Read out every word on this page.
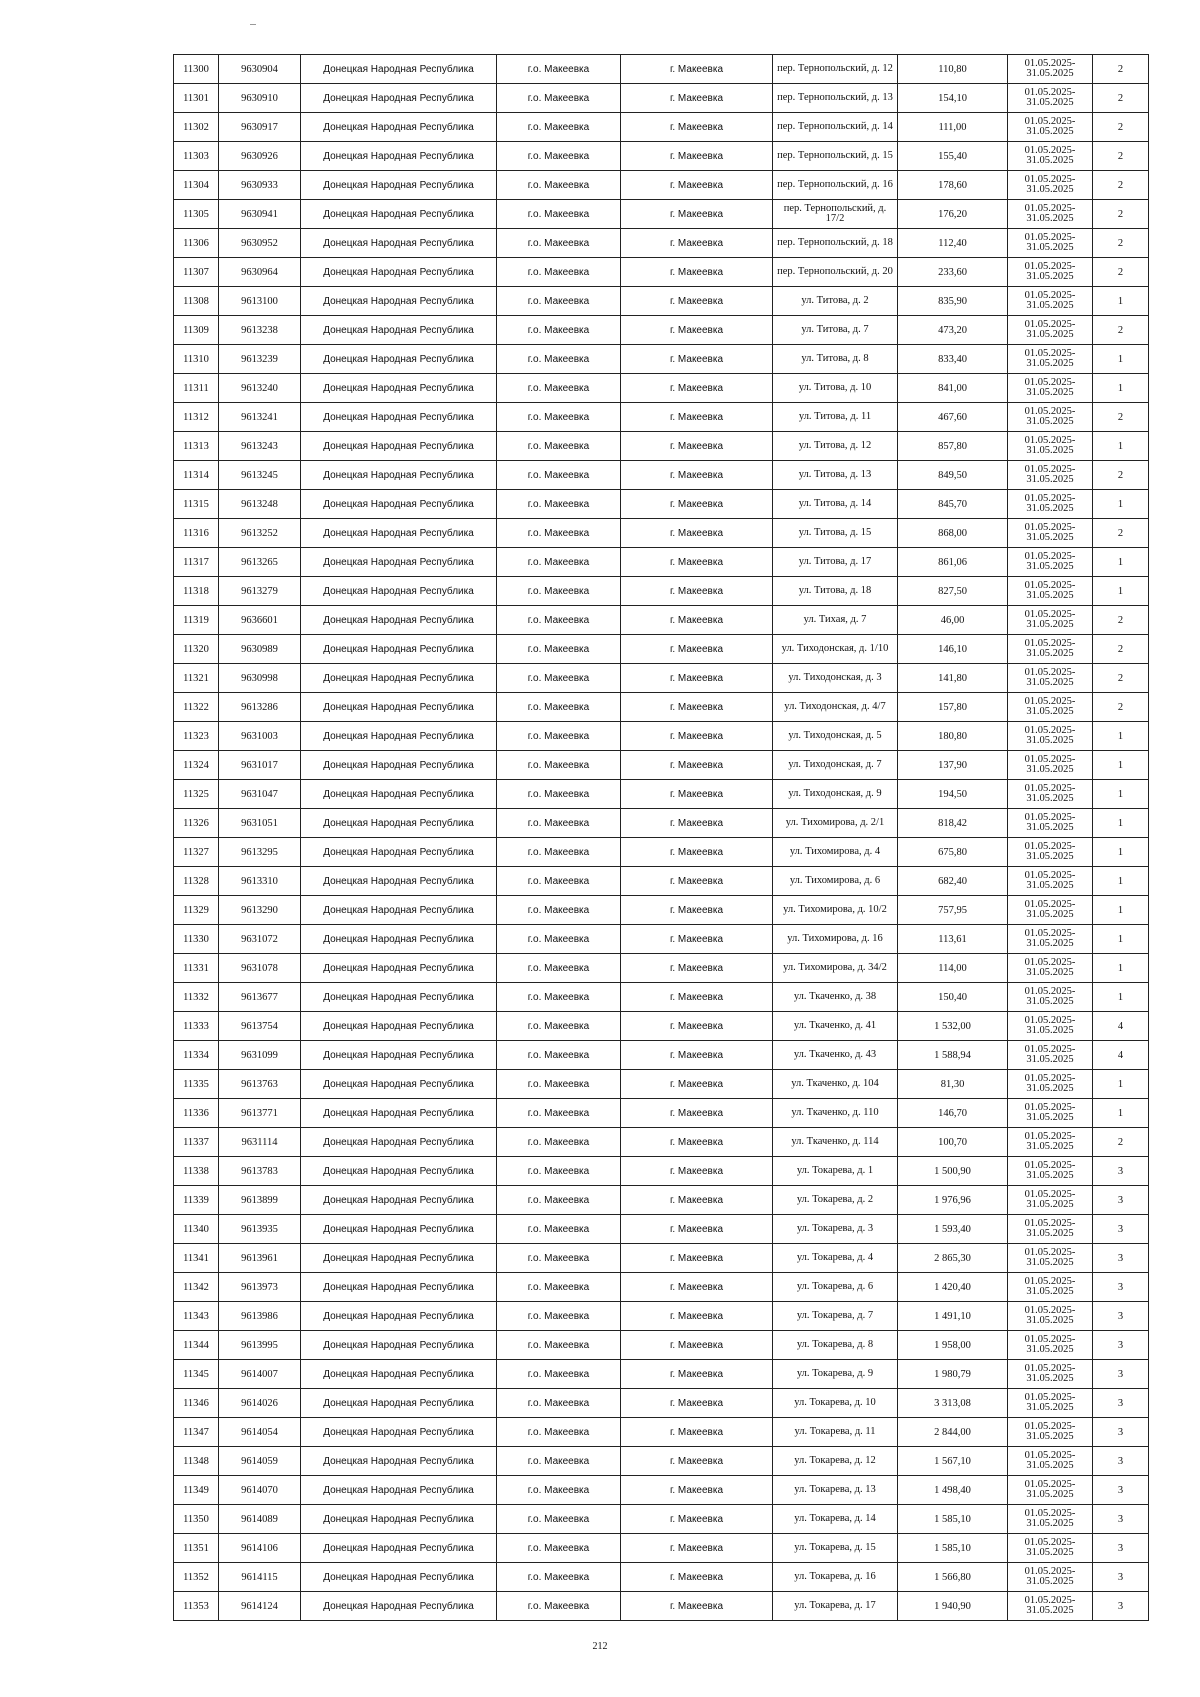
11300	9630904	Донецкая Народная Республика	г.о. Макеевка	г. Макеевка	пер. Тернопольский, д. 12	110,80	01.05.2025-31.05.2025	2
11301	9630910	Донецкая Народная Республика	г.о. Макеевка	г. Макеевка	пер. Тернопольский, д. 13	154,10	01.05.2025-31.05.2025	2
11302	9630917	Донецкая Народная Республика	г.о. Макеевка	г. Макеевка	пер. Тернопольский, д. 14	111,00	01.05.2025-31.05.2025	2
11303	9630926	Донецкая Народная Республика	г.о. Макеевка	г. Макеевка	пер. Тернопольский, д. 15	155,40	01.05.2025-31.05.2025	2
11304	9630933	Донецкая Народная Республика	г.о. Макеевка	г. Макеевка	пер. Тернопольский, д. 16	178,60	01.05.2025-31.05.2025	2
11305	9630941	Донецкая Народная Республика	г.о. Макеевка	г. Макеевка	пер. Тернопольский, д. 17/2	176,20	01.05.2025-31.05.2025	2
11306	9630952	Донецкая Народная Республика	г.о. Макеевка	г. Макеевка	пер. Тернопольский, д. 18	112,40	01.05.2025-31.05.2025	2
11307	9630964	Донецкая Народная Республика	г.о. Макеевка	г. Макеевка	пер. Тернопольский, д. 20	233,60	01.05.2025-31.05.2025	2
11308	9613100	Донецкая Народная Республика	г.о. Макеевка	г. Макеевка	ул. Титова, д. 2	835,90	01.05.2025-31.05.2025	1
11309	9613238	Донецкая Народная Республика	г.о. Макеевка	г. Макеевка	ул. Титова, д. 7	473,20	01.05.2025-31.05.2025	2
11310	9613239	Донецкая Народная Республика	г.о. Макеевка	г. Макеевка	ул. Титова, д. 8	833,40	01.05.2025-31.05.2025	1
11311	9613240	Донецкая Народная Республика	г.о. Макеевка	г. Макеевка	ул. Титова, д. 10	841,00	01.05.2025-31.05.2025	1
11312	9613241	Донецкая Народная Республика	г.о. Макеевка	г. Макеевка	ул. Титова, д. 11	467,60	01.05.2025-31.05.2025	2
11313	9613243	Донецкая Народная Республика	г.о. Макеевка	г. Макеевка	ул. Титова, д. 12	857,80	01.05.2025-31.05.2025	1
11314	9613245	Донецкая Народная Республика	г.о. Макеевка	г. Макеевка	ул. Титова, д. 13	849,50	01.05.2025-31.05.2025	2
11315	9613248	Донецкая Народная Республика	г.о. Макеевка	г. Макеевка	ул. Титова, д. 14	845,70	01.05.2025-31.05.2025	1
11316	9613252	Донецкая Народная Республика	г.о. Макеевка	г. Макеевка	ул. Титова, д. 15	868,00	01.05.2025-31.05.2025	2
11317	9613265	Донецкая Народная Республика	г.о. Макеевка	г. Макеевка	ул. Титова, д. 17	861,06	01.05.2025-31.05.2025	1
11318	9613279	Донецкая Народная Республика	г.о. Макеевка	г. Макеевка	ул. Титова, д. 18	827,50	01.05.2025-31.05.2025	1
11319	9636601	Донецкая Народная Республика	г.о. Макеевка	г. Макеевка	ул. Тихая, д. 7	46,00	01.05.2025-31.05.2025	2
11320	9630989	Донецкая Народная Республика	г.о. Макеевка	г. Макеевка	ул. Тиходонская, д. 1/10	146,10	01.05.2025-31.05.2025	2
11321	9630998	Донецкая Народная Республика	г.о. Макеевка	г. Макеевка	ул. Тиходонская, д. 3	141,80	01.05.2025-31.05.2025	2
11322	9613286	Донецкая Народная Республика	г.о. Макеевка	г. Макеевка	ул. Тиходонская, д. 4/7	157,80	01.05.2025-31.05.2025	2
11323	9631003	Донецкая Народная Республика	г.о. Макеевка	г. Макеевка	ул. Тиходонская, д. 5	180,80	01.05.2025-31.05.2025	1
11324	9631017	Донецкая Народная Республика	г.о. Макеевка	г. Макеевка	ул. Тиходонская, д. 7	137,90	01.05.2025-31.05.2025	1
11325	9631047	Донецкая Народная Республика	г.о. Макеевка	г. Макеевка	ул. Тиходонская, д. 9	194,50	01.05.2025-31.05.2025	1
11326	9631051	Донецкая Народная Республика	г.о. Макеевка	г. Макеевка	ул. Тихомирова, д. 2/1	818,42	01.05.2025-31.05.2025	1
11327	9613295	Донецкая Народная Республика	г.о. Макеевка	г. Макеевка	ул. Тихомирова, д. 4	675,80	01.05.2025-31.05.2025	1
11328	9613310	Донецкая Народная Республика	г.о. Макеевка	г. Макеевка	ул. Тихомирова, д. 6	682,40	01.05.2025-31.05.2025	1
11329	9613290	Донецкая Народная Республика	г.о. Макеевка	г. Макеевка	ул. Тихомирова, д. 10/2	757,95	01.05.2025-31.05.2025	1
11330	9631072	Донецкая Народная Республика	г.о. Макеевка	г. Макеевка	ул. Тихомирова, д. 16	113,61	01.05.2025-31.05.2025	1
11331	9631078	Донецкая Народная Республика	г.о. Макеевка	г. Макеевка	ул. Тихомирова, д. 34/2	114,00	01.05.2025-31.05.2025	1
11332	9613677	Донецкая Народная Республика	г.о. Макеевка	г. Макеевка	ул. Ткаченко, д. 38	150,40	01.05.2025-31.05.2025	1
11333	9613754	Донецкая Народная Республика	г.о. Макеевка	г. Макеевка	ул. Ткаченко, д. 41	1 532,00	01.05.2025-31.05.2025	4
11334	9631099	Донецкая Народная Республика	г.о. Макеевка	г. Макеевка	ул. Ткаченко, д. 43	1 588,94	01.05.2025-31.05.2025	4
11335	9613763	Донецкая Народная Республика	г.о. Макеевка	г. Макеевка	ул. Ткаченко, д. 104	81,30	01.05.2025-31.05.2025	1
11336	9613771	Донецкая Народная Республика	г.о. Макеевка	г. Макеевка	ул. Ткаченко, д. 110	146,70	01.05.2025-31.05.2025	1
11337	9631114	Донецкая Народная Республика	г.о. Макеевка	г. Макеевка	ул. Ткаченко, д. 114	100,70	01.05.2025-31.05.2025	2
11338	9613783	Донецкая Народная Республика	г.о. Макеевка	г. Макеевка	ул. Токарева, д. 1	1 500,90	01.05.2025-31.05.2025	3
11339	9613899	Донецкая Народная Республика	г.о. Макеевка	г. Макеевка	ул. Токарева, д. 2	1 976,96	01.05.2025-31.05.2025	3
11340	9613935	Донецкая Народная Республика	г.о. Макеевка	г. Макеевка	ул. Токарева, д. 3	1 593,40	01.05.2025-31.05.2025	3
11341	9613961	Донецкая Народная Республика	г.о. Макеевка	г. Макеевка	ул. Токарева, д. 4	2 865,30	01.05.2025-31.05.2025	3
11342	9613973	Донецкая Народная Республика	г.о. Макеевка	г. Макеевка	ул. Токарева, д. 6	1 420,40	01.05.2025-31.05.2025	3
11343	9613986	Донецкая Народная Республика	г.о. Макеевка	г. Макеевка	ул. Токарева, д. 7	1 491,10	01.05.2025-31.05.2025	3
11344	9613995	Донецкая Народная Республика	г.о. Макеевка	г. Макеевка	ул. Токарева, д. 8	1 958,00	01.05.2025-31.05.2025	3
11345	9614007	Донецкая Народная Республика	г.о. Макеевка	г. Макеевка	ул. Токарева, д. 9	1 980,79	01.05.2025-31.05.2025	3
11346	9614026	Донецкая Народная Республика	г.о. Макеевка	г. Макеевка	ул. Токарева, д. 10	3 313,08	01.05.2025-31.05.2025	3
11347	9614054	Донецкая Народная Республика	г.о. Макеевка	г. Макеевка	ул. Токарева, д. 11	2 844,00	01.05.2025-31.05.2025	3
11348	9614059	Донецкая Народная Республика	г.о. Макеевка	г. Макеевка	ул. Токарева, д. 12	1 567,10	01.05.2025-31.05.2025	3
11349	9614070	Донецкая Народная Республика	г.о. Макеевка	г. Макеевка	ул. Токарева, д. 13	1 498,40	01.05.2025-31.05.2025	3
11350	9614089	Донецкая Народная Республика	г.о. Макеевка	г. Макеевка	ул. Токарева, д. 14	1 585,10	01.05.2025-31.05.2025	3
11351	9614106	Донецкая Народная Республика	г.о. Макеевка	г. Макеевка	ул. Токарева, д. 15	1 585,10	01.05.2025-31.05.2025	3
11352	9614115	Донецкая Народная Республика	г.о. Макеевка	г. Макеевка	ул. Токарева, д. 16	1 566,80	01.05.2025-31.05.2025	3
11353	9614124	Донецкая Народная Республика	г.о. Макеевка	г. Макеевка	ул. Токарева, д. 17	1 940,90	01.05.2025-31.05.2025	3
212
